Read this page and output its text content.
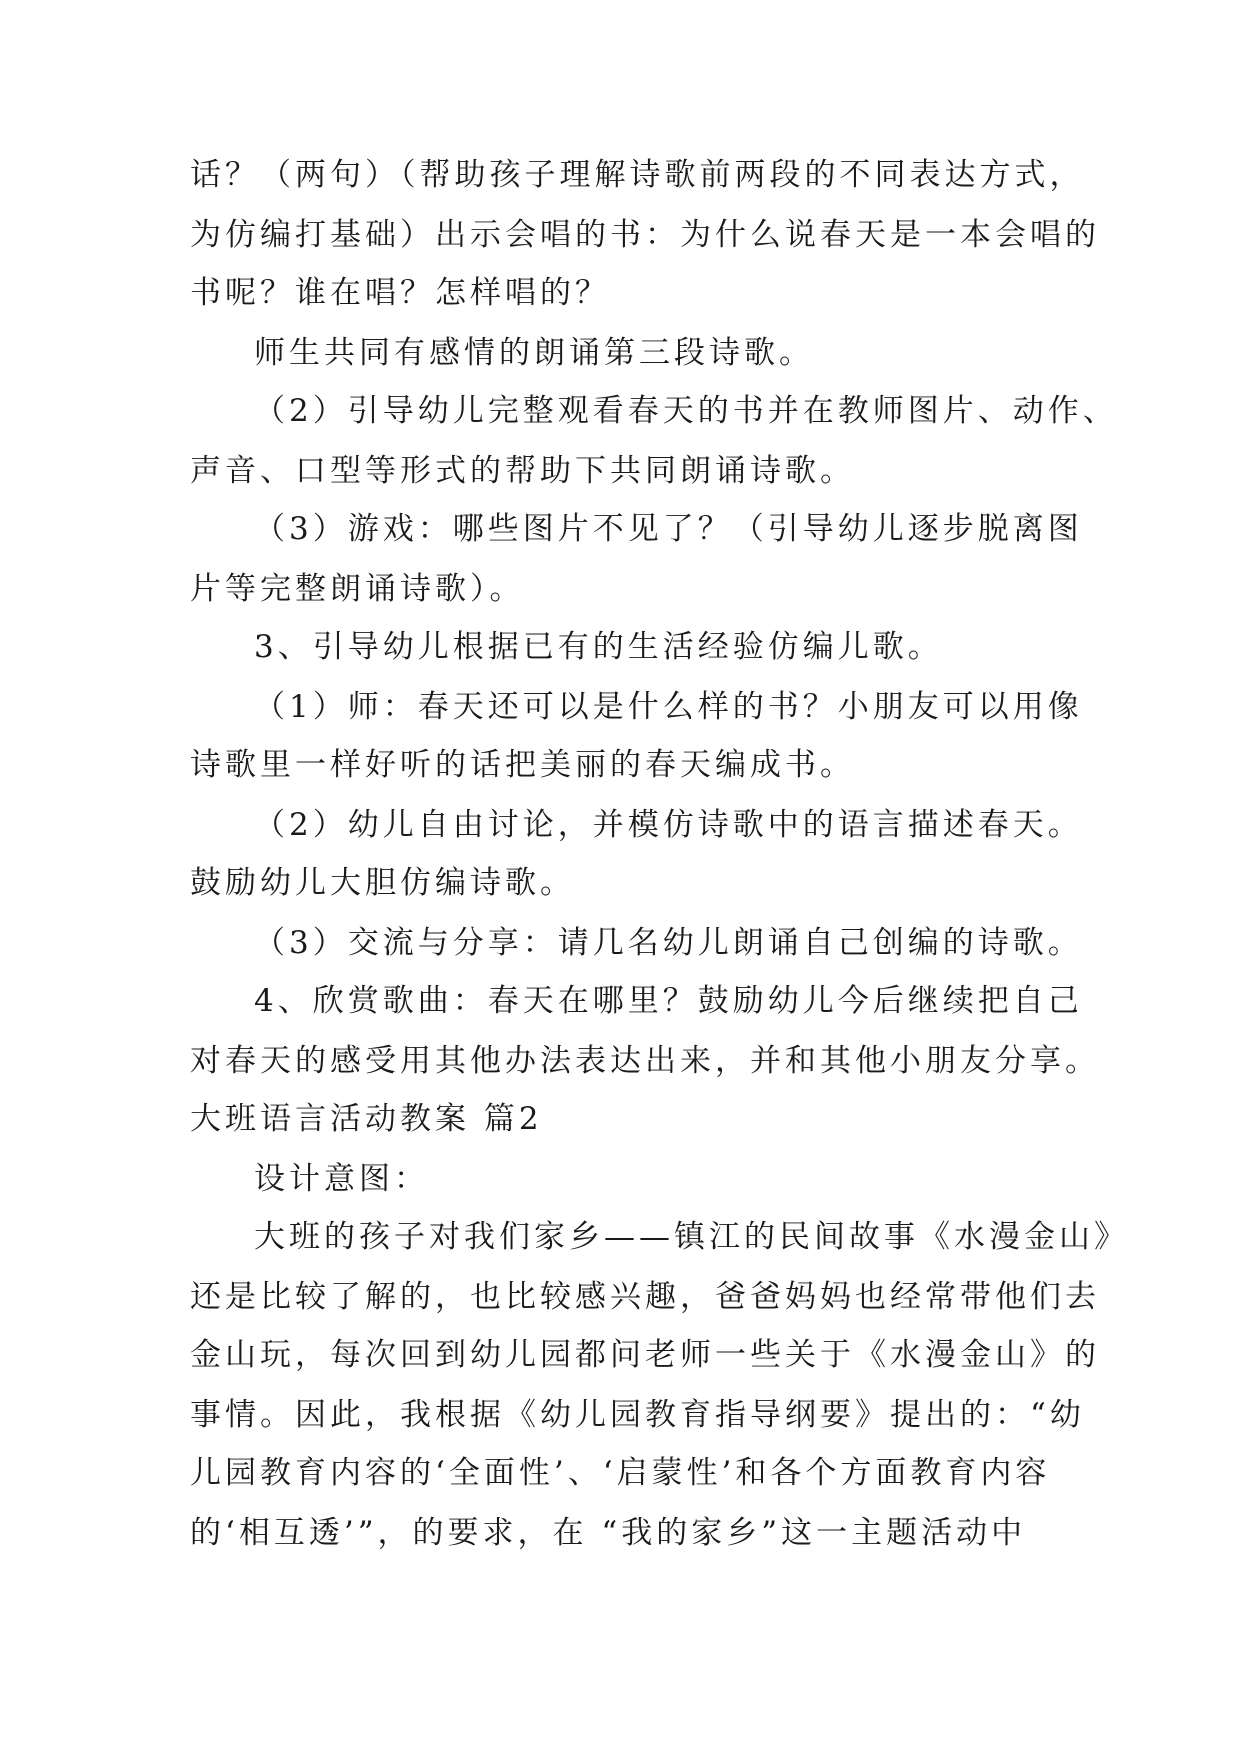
话？（两句）（帮助孩子理解诗歌前两段的不同表达方式，
为仿编打基础）出示会唱的书：为什么说春天是一本会唱的
书呢？谁在唱？怎样唱的？
师生共同有感情的朗诵第三段诗歌。
（2）引导幼儿完整观看春天的书并在教师图片、动作、
声音、口型等形式的帮助下共同朗诵诗歌。
（3）游戏：哪些图片不见了？（引导幼儿逐步脱离图
片等完整朗诵诗歌）。
3、引导幼儿根据已有的生活经验仿编儿歌。
（1）师：春天还可以是什么样的书？小朋友可以用像
诗歌里一样好听的话把美丽的春天编成书。
（2）幼儿自由讨论，并模仿诗歌中的语言描述春天。
鼓励幼儿大胆仿编诗歌。
（3）交流与分享：请几名幼儿朗诵自己创编的诗歌。
4、欣赏歌曲：春天在哪里？鼓励幼儿今后继续把自己
对春天的感受用其他办法表达出来，并和其他小朋友分享。
大班语言活动教案 篇2
设计意图：
大班的孩子对我们家乡——镇江的民间故事《水漫金山》
还是比较了解的，也比较感兴趣，爸爸妈妈也经常带他们去
金山玩，每次回到幼儿园都问老师一些关于《水漫金山》的
事情。因此，我根据《幼儿园教育指导纲要》提出的：“幼
儿园教育内容的‘全面性’、‘启蒙性’和各个方面教育内容
的‘相互透’”，的要求，在 “我的家乡”这一主题活动中
